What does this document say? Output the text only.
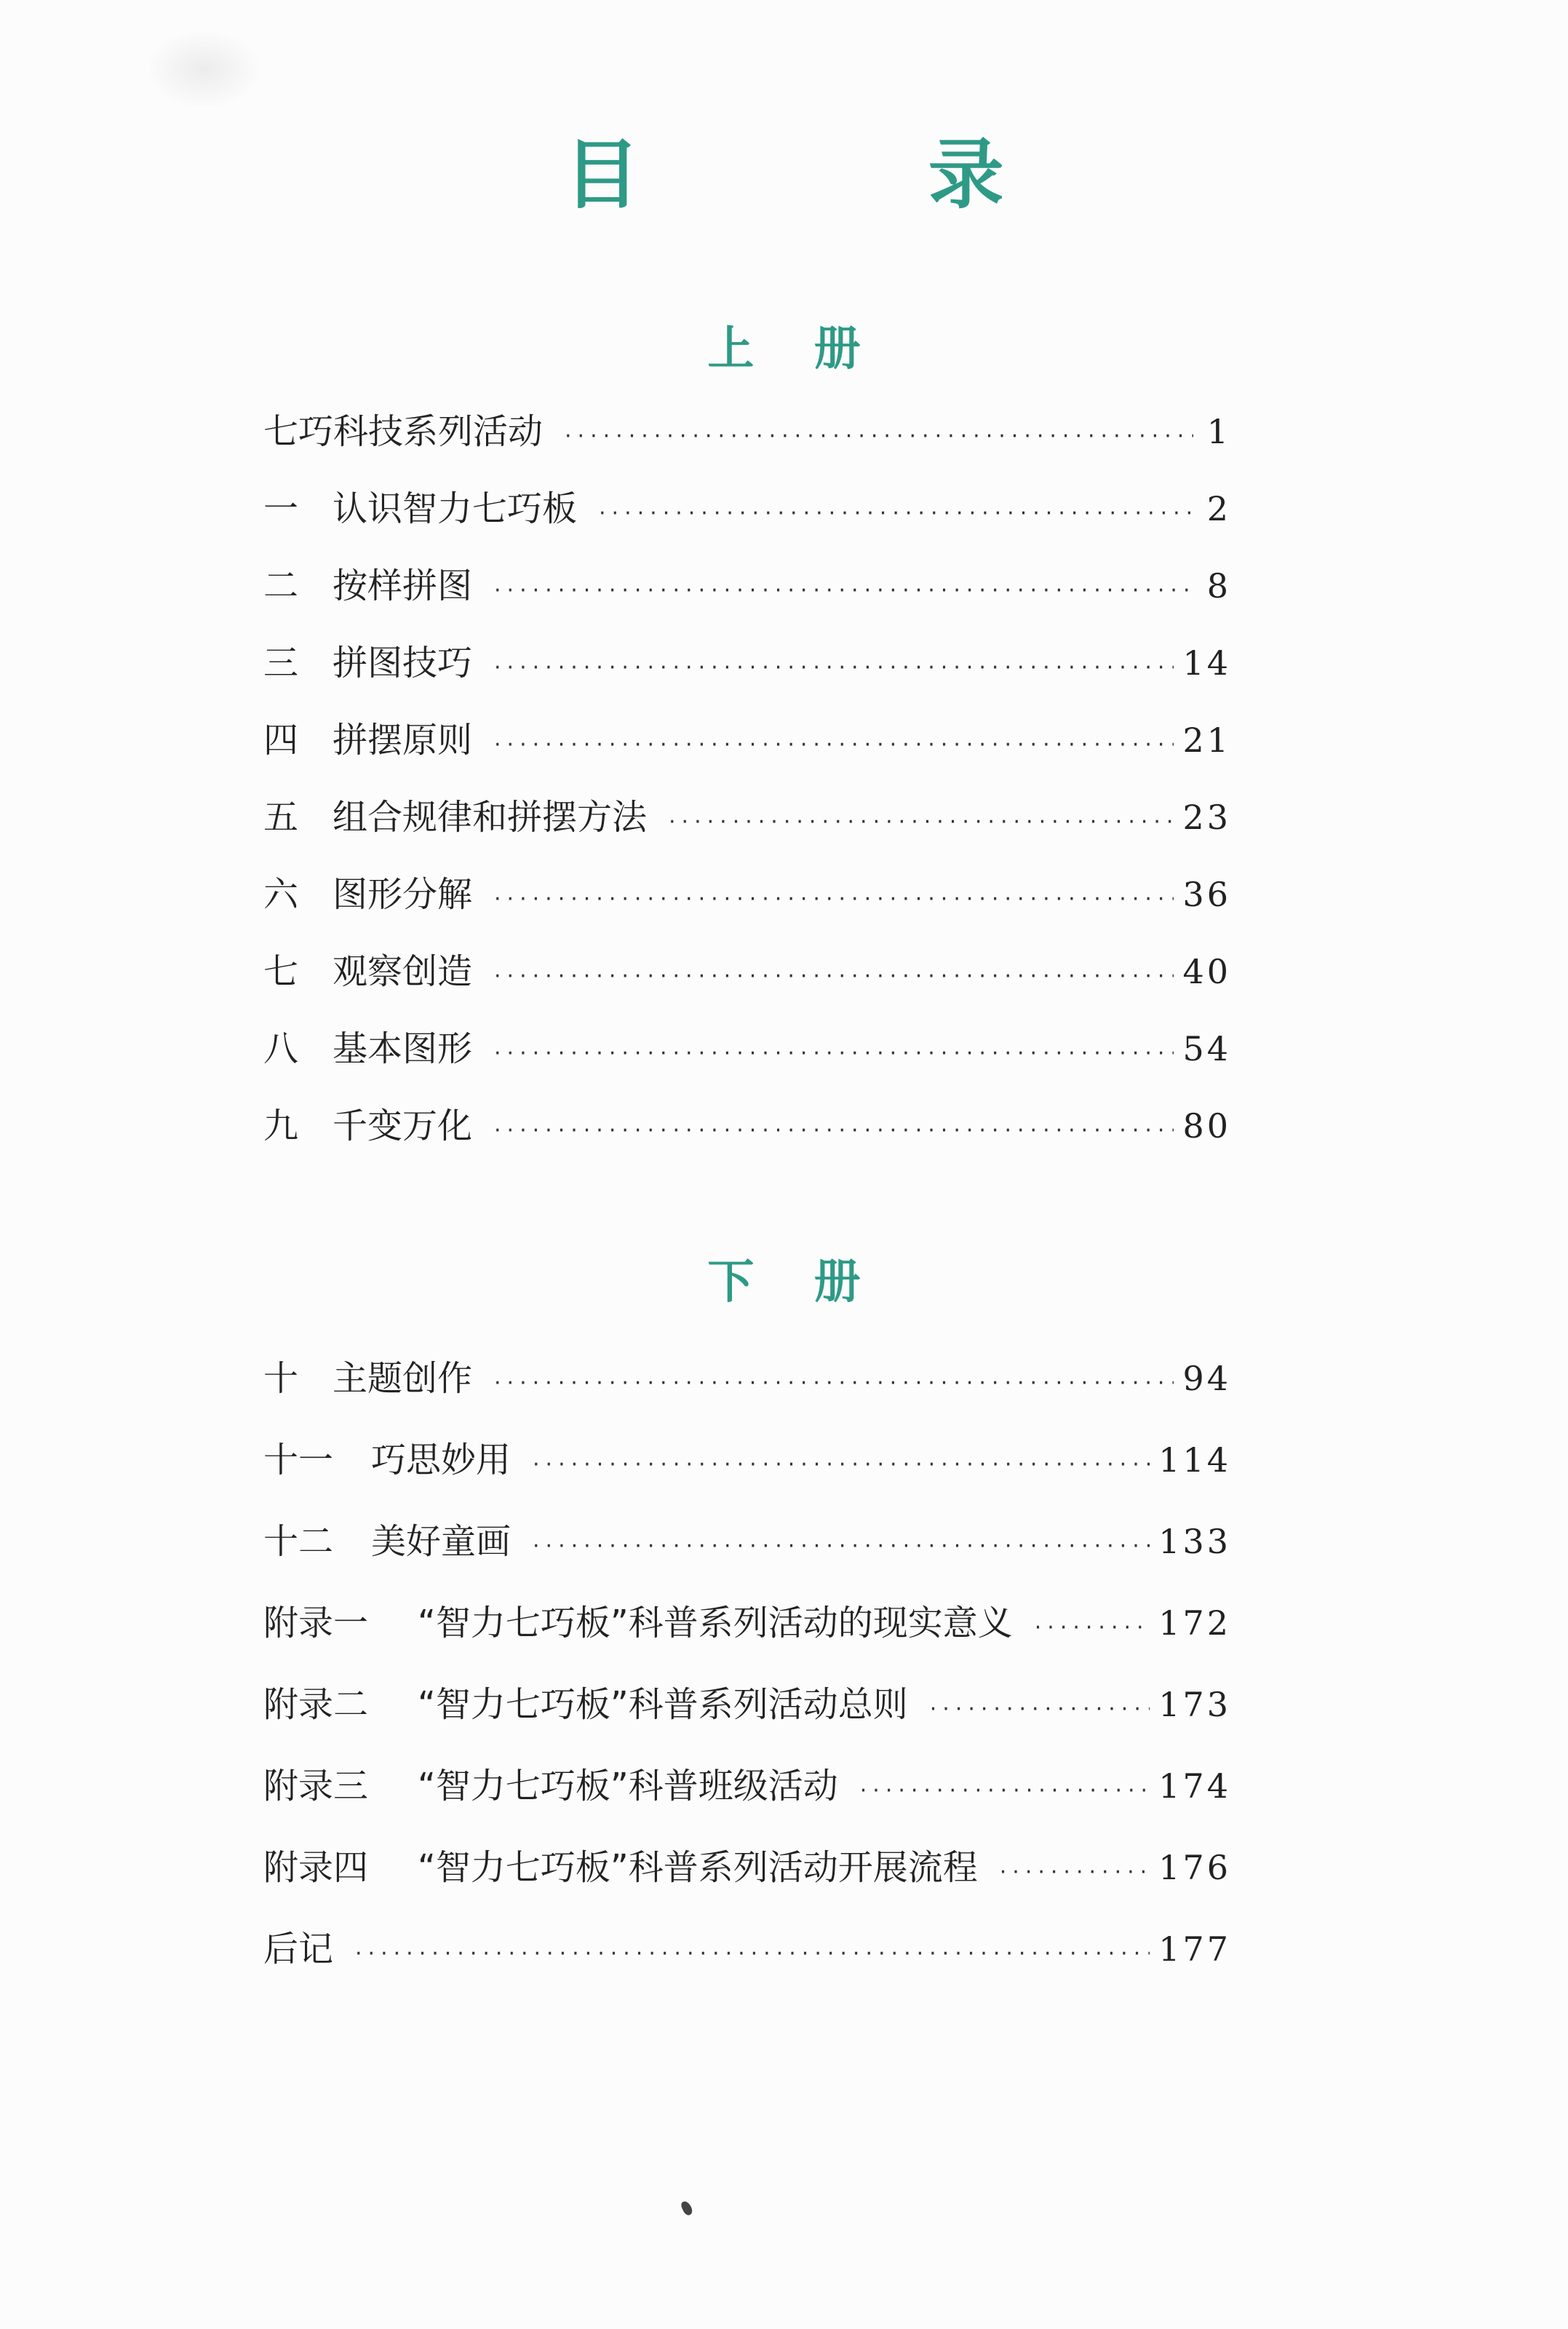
目 录
上 册
七巧科技系列活动 ·····	1
一 认识智力七巧板 ·····	2
二 按样拼图 ·····	8
三 拼图技巧 ·····	14
四 拼摆原则 ·····	21
五 组合规律和拼摆方法 ·····	23
六 图形分解 ·····	36
七 观察创造 ·····	40
八 基本图形 ·····	54
九 千变万化 ·····	80
下 册
十 主题创作 ·····	94
十一	巧思妙用 ·····	114
十二	美好童画 ·····	133
附录一	“智力七巧板”科普系列活动的现实意义 ·····	172
附录二	“智力七巧板”科普系列活动总则 ·····	173
附录三	“智力七巧板”科普班级活动 ·····	174
附录四	“智力七巧板”科普系列活动开展流程 ·····	176
后记 ·····	177
